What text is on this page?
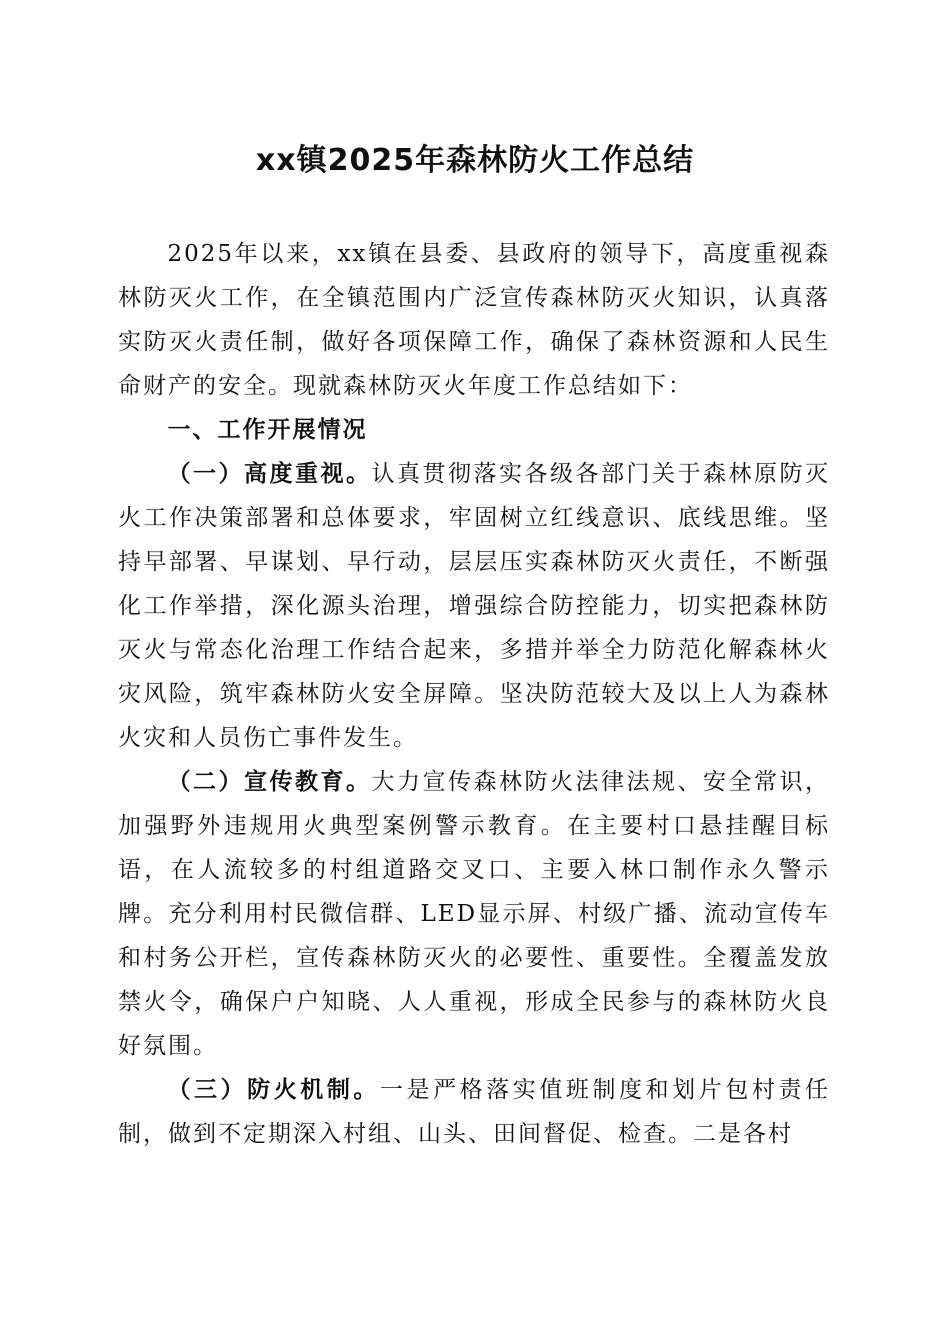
xx镇2025年森林防火工作总结

2025年以来，xx镇在县委、县政府的领导下，高度重视森林防灭火工作，在全镇范围内广泛宣传森林防灭火知识，认真落实防灭火责任制，做好各项保障工作，确保了森林资源和人民生命财产的安全。现就森林防灭火年度工作总结如下：

一、工作开展情况

（一）高度重视。认真贯彻落实各级各部门关于森林原防灭火工作决策部署和总体要求，牢固树立红线意识、底线思维。坚持早部署、早谋划、早行动，层层压实森林防灭火责任，不断强化工作举措，深化源头治理，增强综合防控能力，切实把森林防灭火与常态化治理工作结合起来，多措并举全力防范化解森林火灾风险，筑牢森林防火安全屏障。坚决防范较大及以上人为森林火灾和人员伤亡事件发生。

（二）宣传教育。大力宣传森林防火法律法规、安全常识，加强野外违规用火典型案例警示教育。在主要村口悬挂醒目标语，在人流较多的村组道路交叉口、主要入林口制作永久警示牌。充分利用村民微信群、LED显示屏、村级广播、流动宣传车和村务公开栏，宣传森林防灭火的必要性、重要性。全覆盖发放禁火令，确保户户知晓、人人重视，形成全民参与的森林防火良好氛围。

（三）防火机制。一是严格落实值班制度和划片包村责任制，做到不定期深入村组、山头、田间督促、检查。二是各村
